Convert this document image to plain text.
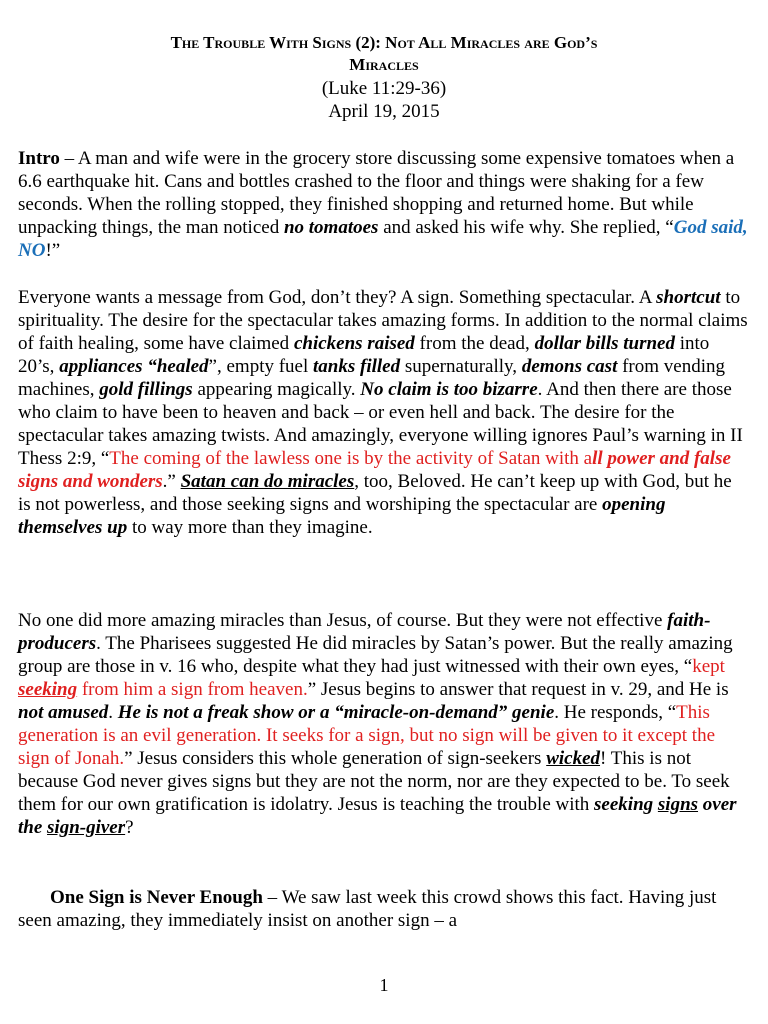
The Trouble With Signs (2): Not All Miracles are God’s
Miracles
(Luke 11:29-36)
April 19, 2015

Intro – A man and wife were in the grocery store discussing some expensive tomatoes when a 6.6 earthquake hit. Cans and bottles crashed to the floor and things were shaking for a few seconds. When the rolling stopped, they finished shopping and returned home. But while unpacking things, the man noticed no tomatoes and asked his wife why. She replied, “God said, NO!”

Everyone wants a message from God, don’t they? A sign. Something spectacular. A shortcut to spirituality. The desire for the spectacular takes amazing forms. In addition to the normal claims of faith healing, some have claimed chickens raised from the dead, dollar bills turned into 20’s, appliances “healed”, empty fuel tanks filled supernaturally, demons cast from vending machines, gold fillings appearing magically. No claim is too bizarre. And then there are those who claim to have been to heaven and back – or even hell and back. The desire for the spectacular takes amazing twists. And amazingly, everyone willing ignores Paul’s warning in II Thess 2:9, “The coming of the lawless one is by the activity of Satan with all power and false signs and wonders.” Satan can do miracles, too, Beloved. He can’t keep up with God, but he is not powerless, and those seeking signs and worshiping the spectacular are opening themselves up to way more than they imagine.

No one did more amazing miracles than Jesus, of course. But they were not effective faith-producers. The Pharisees suggested He did miracles by Satan’s power. But the really amazing group are those in v. 16 who, despite what they had just witnessed with their own eyes, “kept seeking from him a sign from heaven.” Jesus begins to answer that request in v. 29, and He is not amused. He is not a freak show or a “miracle-on-demand” genie. He responds, “This generation is an evil generation. It seeks for a sign, but no sign will be given to it except the sign of Jonah.” Jesus considers this whole generation of sign-seekers wicked! This is not because God never gives signs but they are not the norm, nor are they expected to be. To seek them for our own gratification is idolatry. Jesus is teaching the trouble with seeking signs over the sign-giver?

One Sign is Never Enough – We saw last week this crowd shows this fact. Having just seen amazing, they immediately insist on another sign – a

1
